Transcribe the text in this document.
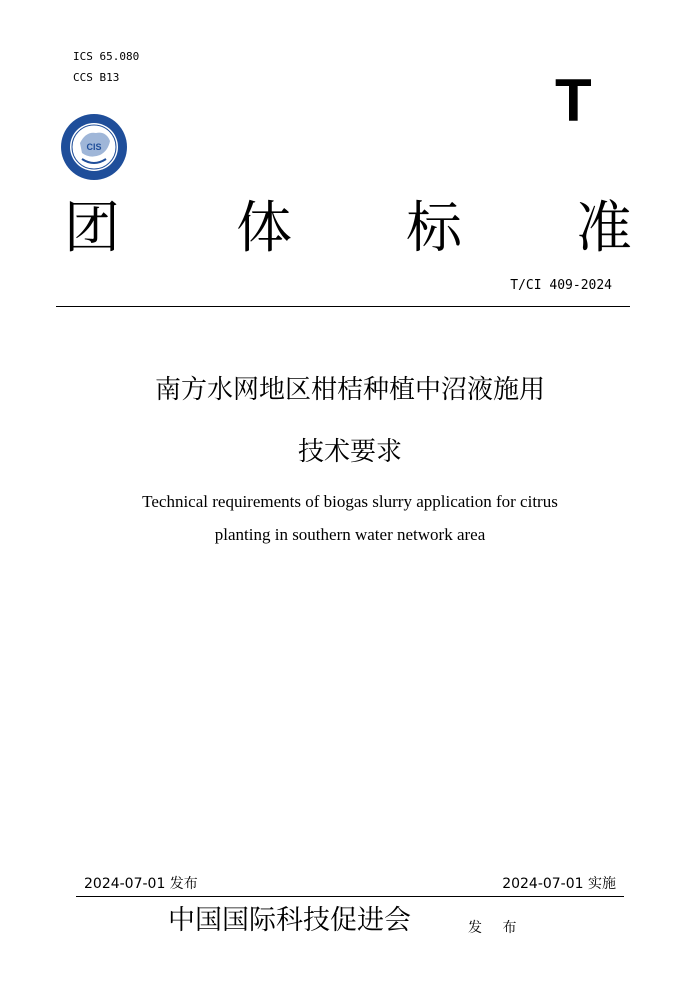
ICS 65.080
CCS B13	T
CIS
团 体 标 准
T/CI 409-2024
南方水网地区柑桔种植中沼液施用
技术要求
Technical requirements of biogas slurry application for citrus
planting in southern water network area
2024-07-01 发布	2024-07-01 实施
中国国际科技促进会	发 布
